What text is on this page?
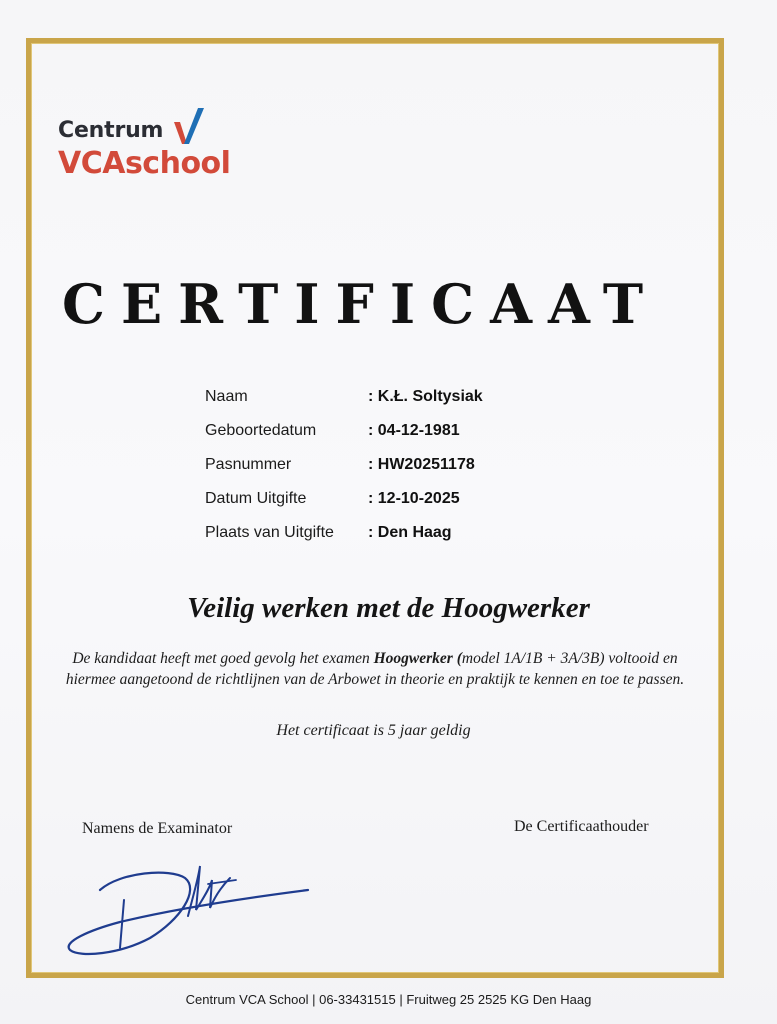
Centrum
VCAschool
CERTIFICAAT
Naam	: K.Ł. Soltysiak
Geboortedatum	: 04-12-1981
Pasnummer	: HW20251178
Datum Uitgifte	: 12-10-2025
Plaats van Uitgifte : Den Haag
Veilig werken met de Hoogwerker
De kandidaat heeft met goed gevolg het examen Hoogwerker (model 1A/1B + 3A/3B) voltooid en hiermee aangetoond de richtlijnen van de Arbowet in theorie en praktijk te kennen en toe te passen.
Het certificaat is 5 jaar geldig
Namens de Examinator	De Certificaathouder
Centrum VCA School | 06-33431515 | Fruitweg 25 2525 KG Den Haag
